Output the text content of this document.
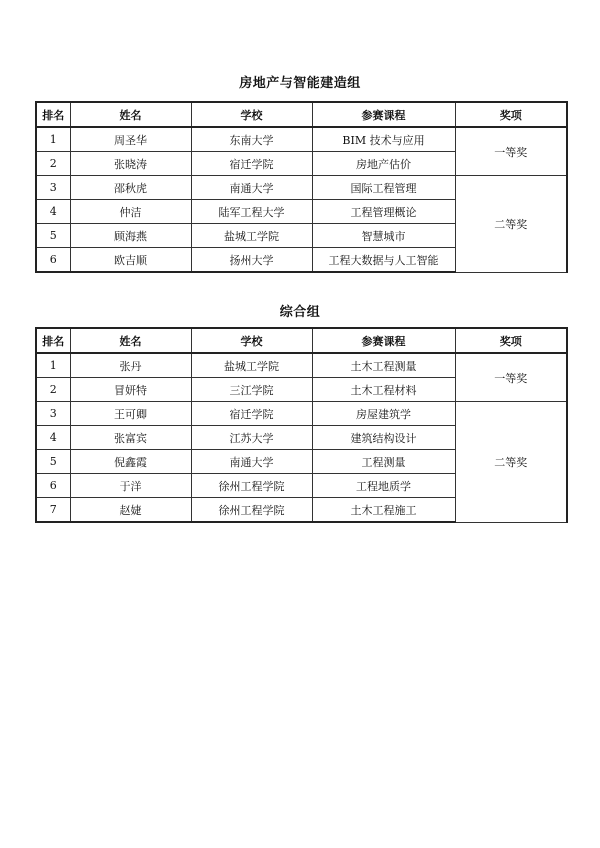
房地产与智能建造组
排名	姓名	学校	参赛课程	奖项
1	周圣华	东南大学	BIM 技术与应用	一等奖
2	张晓涛	宿迁学院	房地产估价	
3	邵秋虎	南通大学	国际工程管理	二等奖
4	仲洁	陆军工程大学	工程管理概论	
5	顾海燕	盐城工学院	智慧城市	
6	欧吉顺	扬州大学	工程大数据与人工智能	
综合组
排名	姓名	学校	参赛课程	奖项
1	张丹	盐城工学院	土木工程测量	一等奖
2	冒妍特	三江学院	土木工程材料	
3	王可卿	宿迁学院	房屋建筑学	二等奖
4	张富宾	江苏大学	建筑结构设计	
5	倪鑫霞	南通大学	工程测量	
6	于洋	徐州工程学院	工程地质学	
7	赵婕	徐州工程学院	土木工程施工	
